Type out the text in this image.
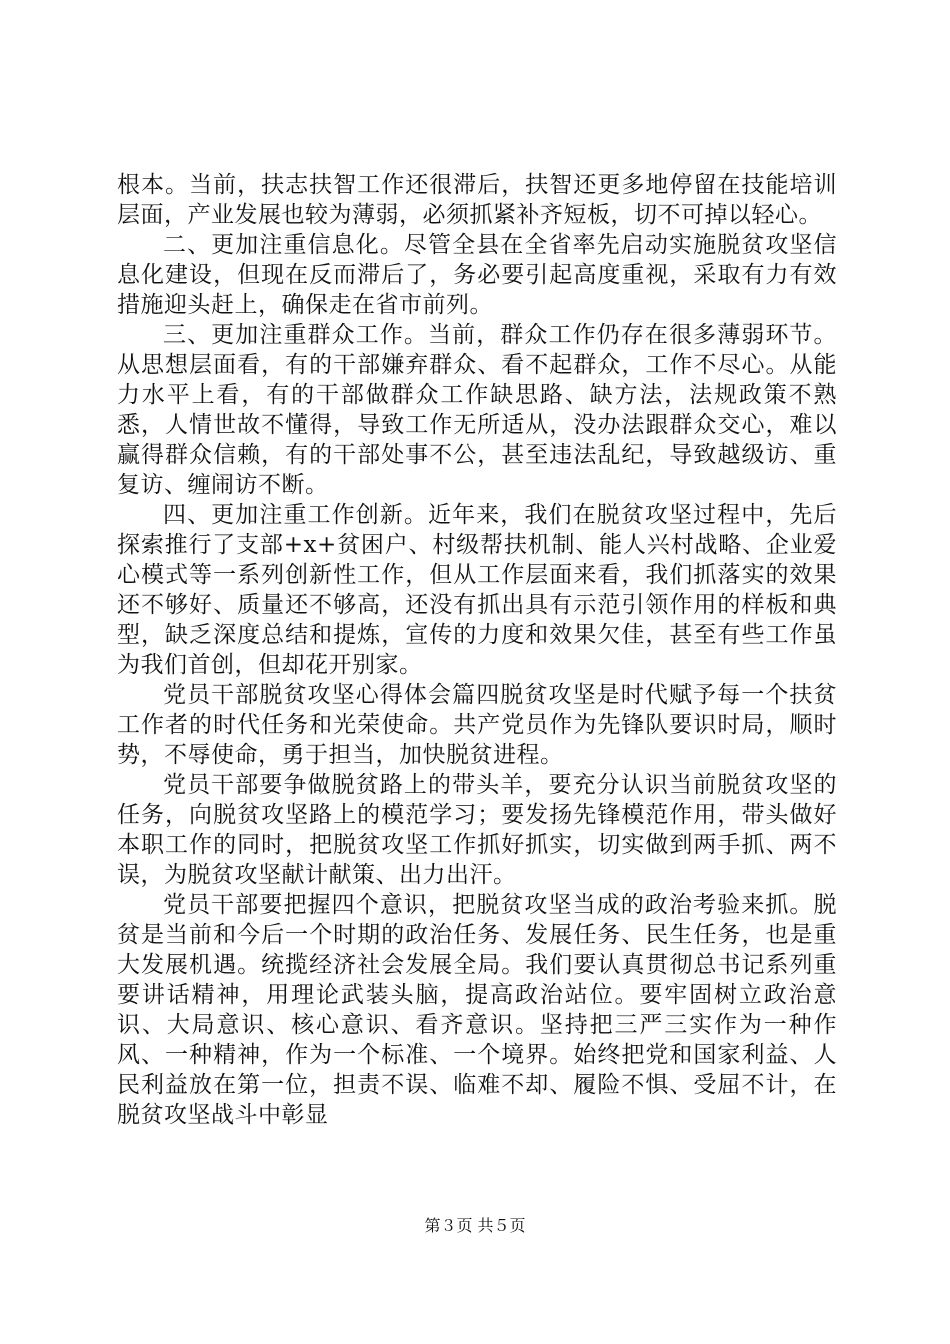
根本。当前，扶志扶智工作还很滞后，扶智还更多地停留在技能培训层面，产业发展也较为薄弱，必须抓紧补齐短板，切不可掉以轻心。

二、更加注重信息化。尽管全县在全省率先启动实施脱贫攻坚信息化建设，但现在反而滞后了，务必要引起高度重视，采取有力有效措施迎头赶上，确保走在省市前列。

三、更加注重群众工作。当前，群众工作仍存在很多薄弱环节。从思想层面看，有的干部嫌弃群众、看不起群众，工作不尽心。从能力水平上看，有的干部做群众工作缺思路、缺方法，法规政策不熟悉，人情世故不懂得，导致工作无所适从，没办法跟群众交心，难以赢得群众信赖，有的干部处事不公，甚至违法乱纪，导致越级访、重复访、缠闹访不断。

四、更加注重工作创新。近年来，我们在脱贫攻坚过程中，先后探索推行了支部+x+贫困户、村级帮扶机制、能人兴村战略、企业爱心模式等一系列创新性工作，但从工作层面来看，我们抓落实的效果还不够好、质量还不够高，还没有抓出具有示范引领作用的样板和典型，缺乏深度总结和提炼，宣传的力度和效果欠佳，甚至有些工作虽为我们首创，但却花开别家。

党员干部脱贫攻坚心得体会篇四脱贫攻坚是时代赋予每一个扶贫工作者的时代任务和光荣使命。共产党员作为先锋队要识时局，顺时势，不辱使命，勇于担当，加快脱贫进程。

党员干部要争做脱贫路上的带头羊，要充分认识当前脱贫攻坚的任务，向脱贫攻坚路上的模范学习；要发扬先锋模范作用，带头做好本职工作的同时，把脱贫攻坚工作抓好抓实，切实做到两手抓、两不误，为脱贫攻坚献计献策、出力出汗。

党员干部要把握四个意识，把脱贫攻坚当成的政治考验来抓。脱贫是当前和今后一个时期的政治任务、发展任务、民生任务，也是重大发展机遇。统揽经济社会发展全局。我们要认真贯彻总书记系列重要讲话精神，用理论武装头脑，提高政治站位。要牢固树立政治意识、大局意识、核心意识、看齐意识。坚持把三严三实作为一种作风、一种精神，作为一个标准、一个境界。始终把党和国家利益、人民利益放在第一位，担责不误、临难不却、履险不惧、受屈不计，在脱贫攻坚战斗中彰显

第３页 共５页
